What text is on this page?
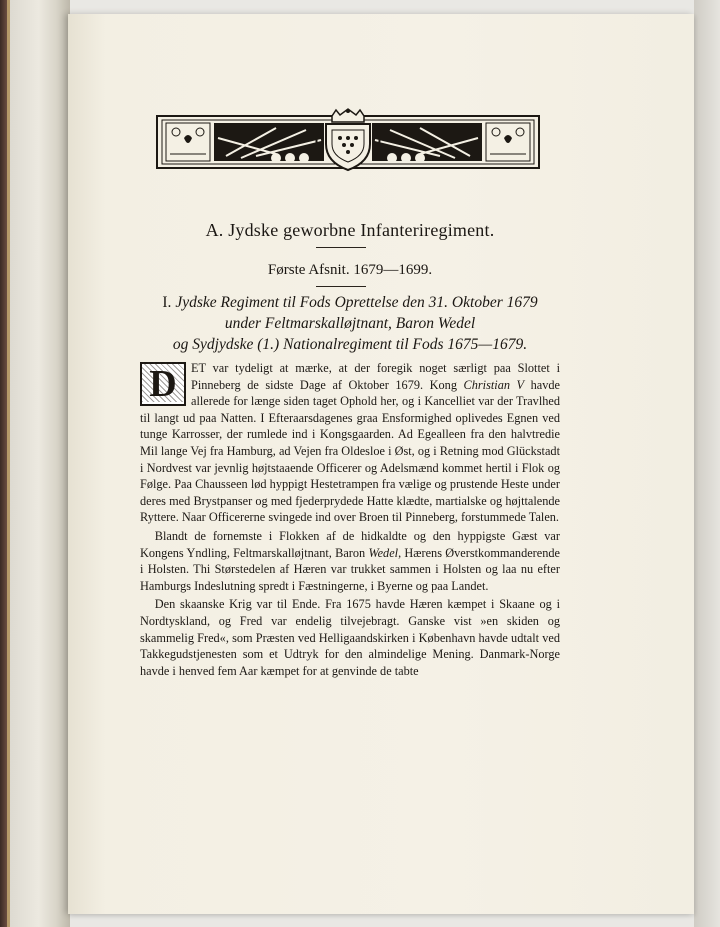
A. Jydske geworbne Infanteriregiment.
Første Afsnit. 1679—1699.
I. Jydske Regiment til Fods Oprettelse den 31. Oktober 1679
under Feltmarskalløjtnant, Baron Wedel
og Sydjydske (1.) Nationalregiment til Fods 1675—1679.

D	ET var tydeligt at mærke, at der foregik noget særligt paa Slottet i Pinneberg de sidste Dage af Oktober 1679. Kong Christian V havde allerede for længe siden taget Ophold her, og i Kancelliet var der Travlhed til langt ud paa Natten. I Efteraarsdagenes graa Ensformighed oplivedes Egnen ved tunge Karrosser, der rumlede ind i Kongsgaarden. Ad Egealleen fra den halvtredie Mil lange Vej fra Hamburg, ad Vejen fra Oldesloe i Øst, og i Retning mod Glückstadt i Nordvest var jevnlig højtstaaende Officerer og Adelsmænd kommet hertil i Flok og Følge. Paa Chausseen lød hyppigt Hestetrampen fra vælige og prustende Heste under deres med Brystpanser og med fjederprydede Hatte klædte, martialske og højttalende Ryttere. Naar Officererne svingede ind over Broen til Pinneberg, forstummede Talen.

Blandt de fornemste i Flokken af de hidkaldte og den hyppigste Gæst var Kongens Yndling, Feltmarskalløjtnant, Baron Wedel, Hærens Øverstkommanderende i Holsten. Thi Størstedelen af Hæren var trukket sammen i Holsten og laa nu efter Hamburgs Indeslutning spredt i Fæstningerne, i Byerne og paa Landet.

Den skaanske Krig var til Ende. Fra 1675 havde Hæren kæmpet i Skaane og i Nordtyskland, og Fred var endelig tilvejebragt. Ganske vist »en skiden og skammelig Fred«, som Præsten ved Helligaandskirken i København havde udtalt ved Takkegudstjenesten som et Udtryk for den almindelige Mening. Danmark-Norge havde i henved fem Aar kæmpet for at genvinde de tabte
